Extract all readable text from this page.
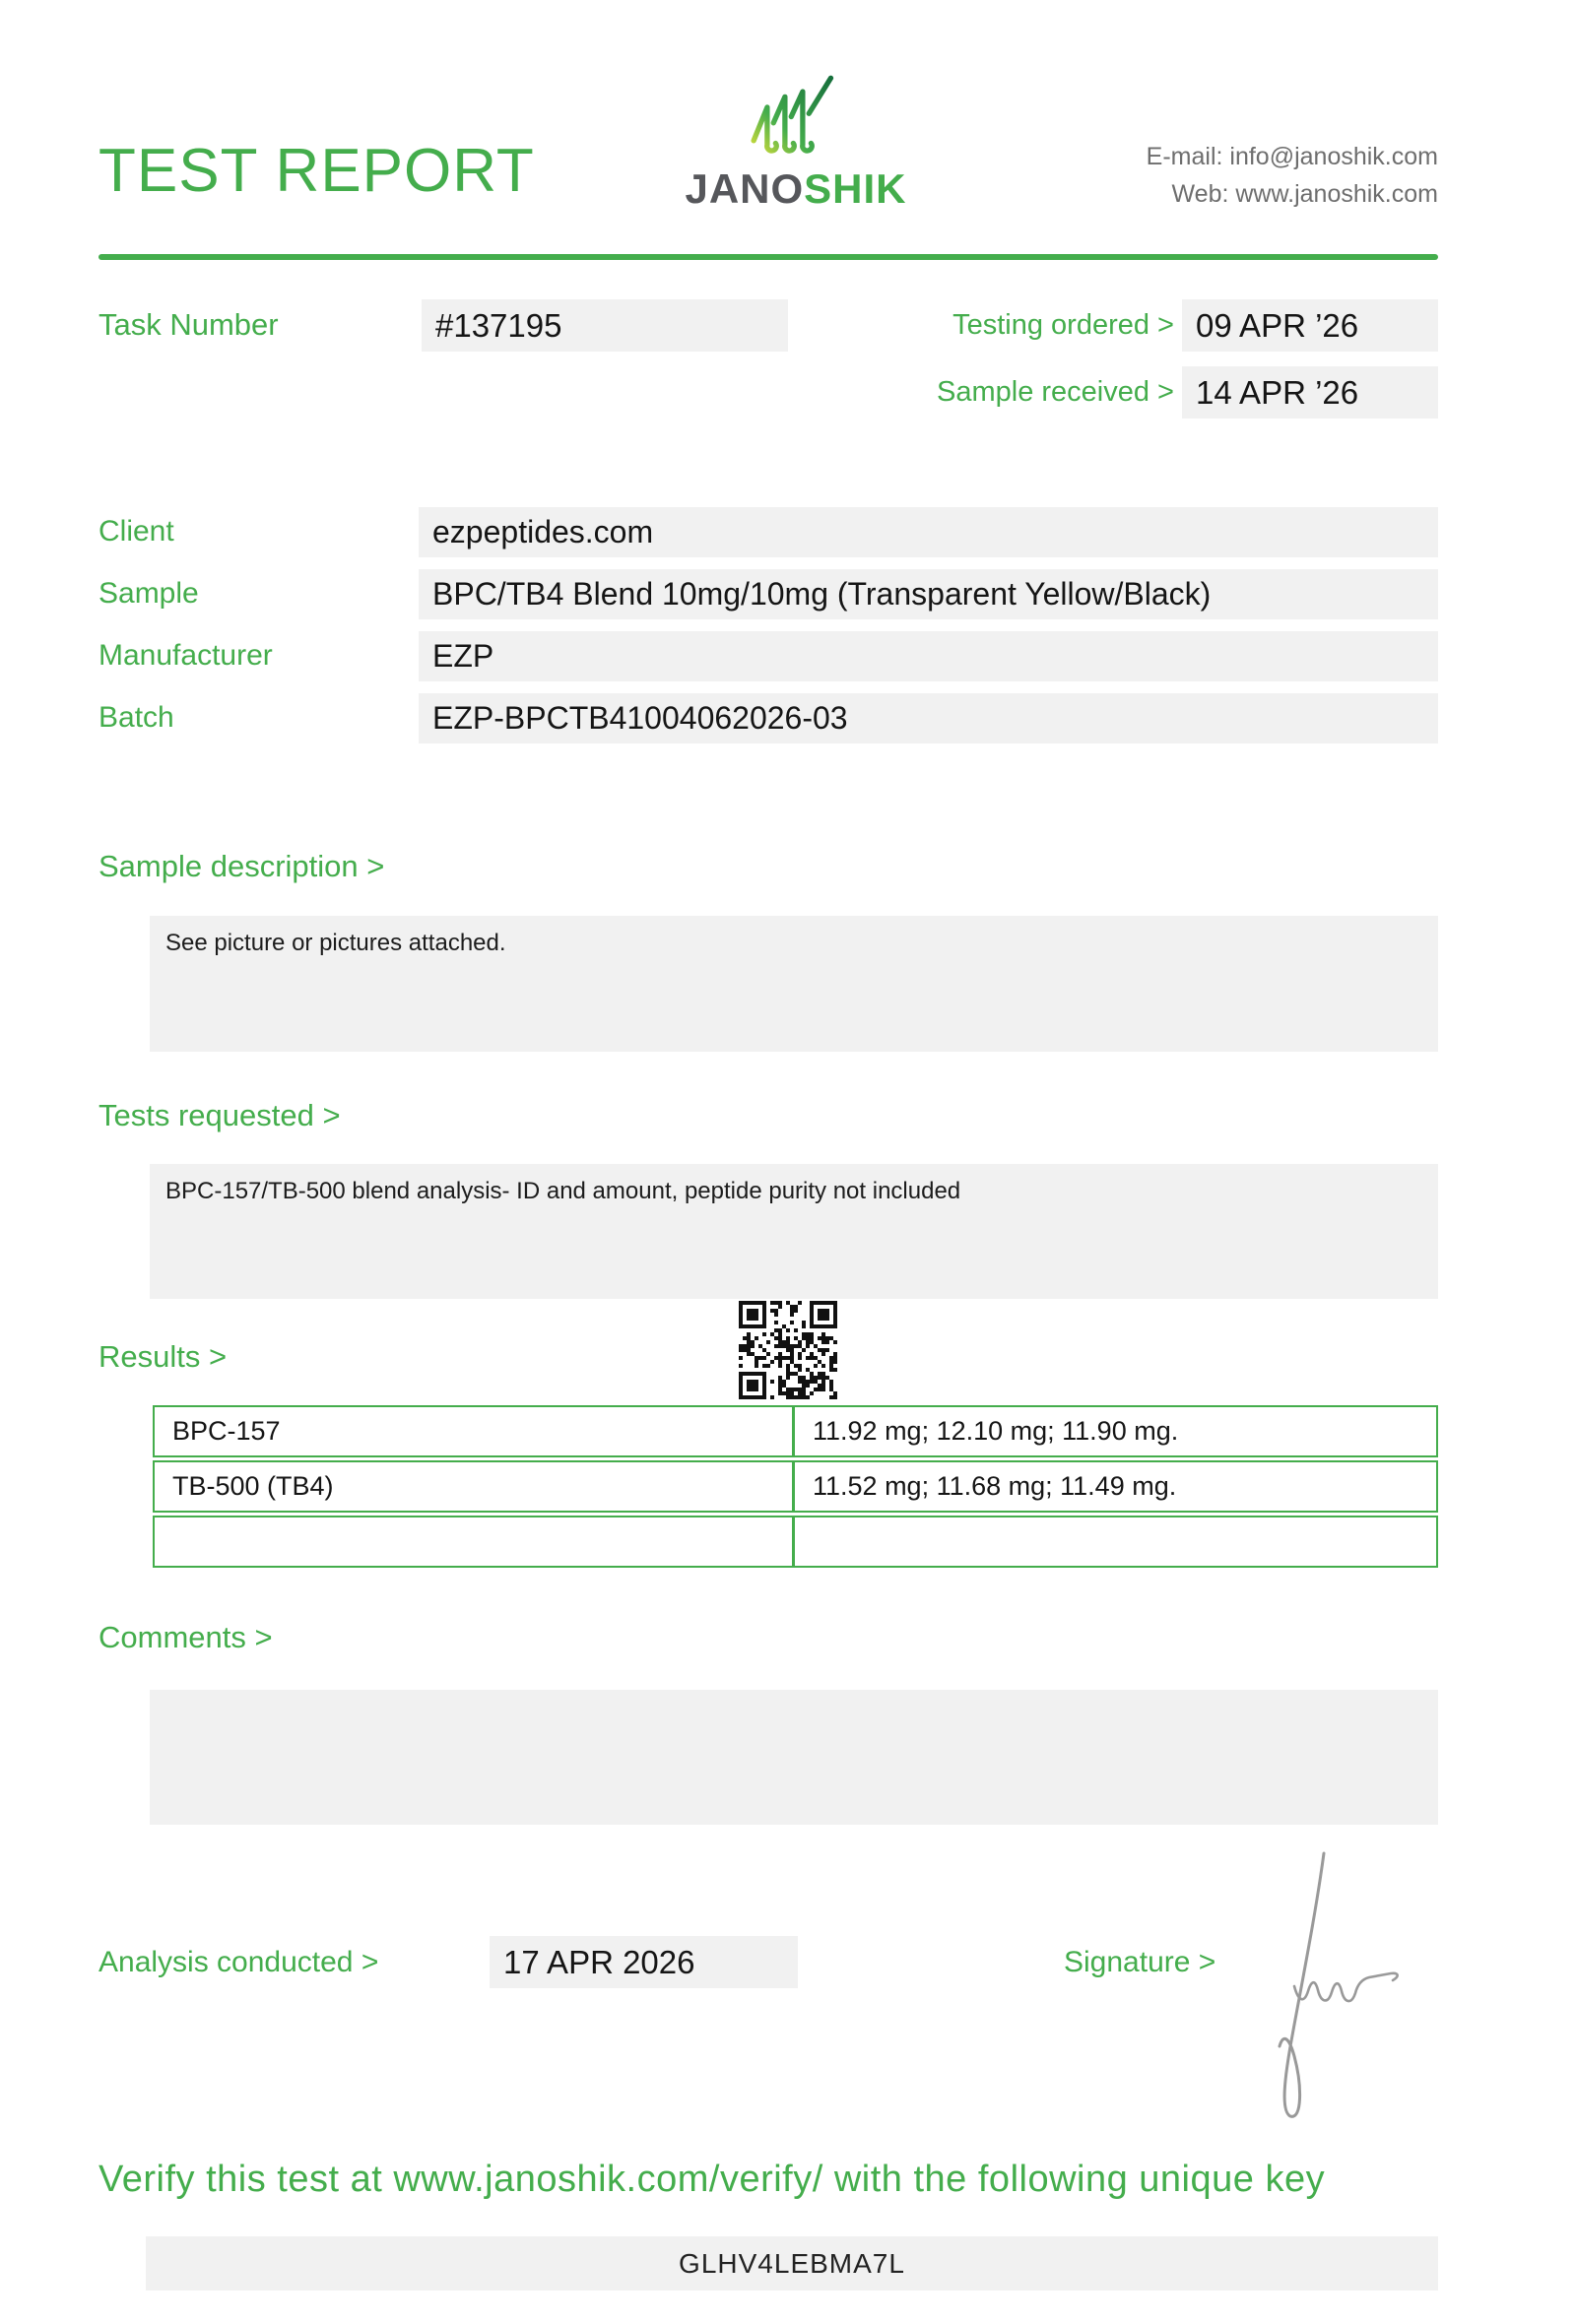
TEST REPORT	JANOSHIK
E-mail: info@janoshik.com
Web: www.janoshik.com
Task Number	#137195	Testing ordered > 09 APR ’26
Sample received > 14 APR ’26
Client	ezpeptides.com
Sample	BPC/TB4 Blend 10mg/10mg (Transparent Yellow/Black)
Manufacturer	EZP
Batch	EZP-BPCTB41004062026-03
Sample description >
See picture or pictures attached.
Tests requested >
BPC-157/TB-500 blend analysis- ID and amount, peptide purity not included
Results >
BPC-157	11.92 mg; 12.10 mg; 11.90 mg.
TB-500 (TB4)	11.52 mg; 11.68 mg; 11.49 mg.
Comments >
Analysis conducted >	17 APR 2026	Signature >
Verify this test at www.janoshik.com/verify/ with the following unique key
GLHV4LEBMA7L
